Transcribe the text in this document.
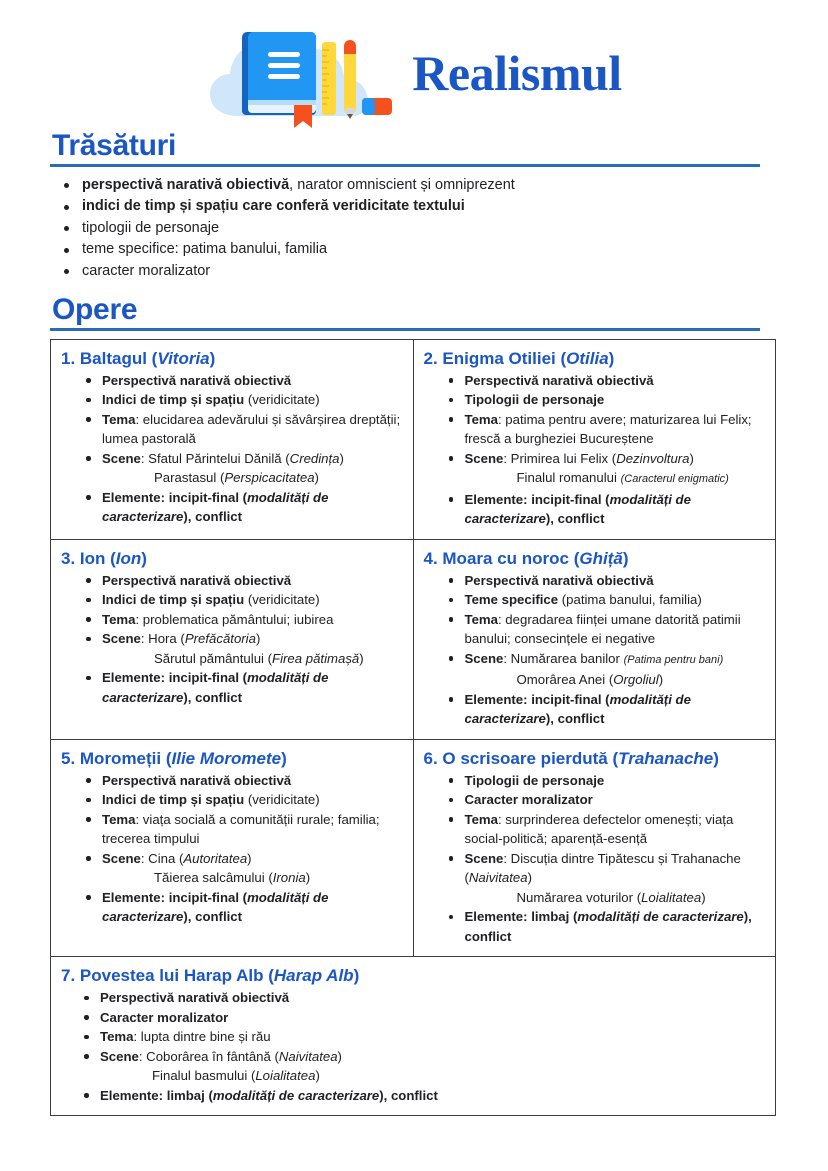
Realismul
Trăsături
perspectivă narativă obiectivă, narator omniscient și omniprezent
indici de timp și spațiu care conferă veridicitate textului
tipologii de personaje
teme specifice: patima banului, familia
caracter moralizator
Opere
1. Baltagul (Vitoria)
Perspectivă narativă obiectivă
Indici de timp și spațiu (veridicitate)
Tema: elucidarea adevărului și săvârșirea dreptății; lumea pastorală
Scene: Sfatul Părintelui Dănilă (Credința)
Parastasul (Perspicacitatea)
Elemente: incipit-final (modalități de caracterizare), conflict

2. Enigma Otiliei (Otilia)
Perspectivă narativă obiectivă
Tipologii de personaje
Tema: patima pentru avere; maturizarea lui Felix; frescă a burgheziei Bucureștene
Scene: Primirea lui Felix (Dezinvoltura)
Finalul romanului (Caracterul enigmatic)
Elemente: incipit-final (modalități de caracterizare), conflict

3. Ion (Ion)
Perspectivă narativă obiectivă
Indici de timp și spațiu (veridicitate)
Tema: problematica pământului; iubirea
Scene: Hora (Prefăcătoria)
Sărutul pământului (Firea pătimașă)
Elemente: incipit-final (modalități de caracterizare), conflict

4. Moara cu noroc (Ghiță)
Perspectivă narativă obiectivă
Teme specifice (patima banului, familia)
Tema: degradarea ființei umane datorită patimii banului; consecințele ei negative
Scene: Numărarea banilor (Patima pentru bani)
Omorârea Anei (Orgoliul)
Elemente: incipit-final (modalități de caracterizare), conflict

5. Moromeții (Ilie Moromete)
Perspectivă narativă obiectivă
Indici de timp și spațiu (veridicitate)
Tema: viața socială a comunității rurale; familia; trecerea timpului
Scene: Cina (Autoritatea)
Tăierea salcâmului (Ironia)
Elemente: incipit-final (modalități de caracterizare), conflict

6. O scrisoare pierdută (Trahanache)
Tipologii de personaje
Caracter moralizator
Tema: surprinderea defectelor omenești; viața social-politică; aparență-esență
Scene: Discuția dintre Tipătescu și Trahanache (Naivitatea)
Numărarea voturilor (Loialitatea)
Elemente: limbaj (modalități de caracterizare), conflict

7. Povestea lui Harap Alb (Harap Alb)
Perspectivă narativă obiectivă
Caracter moralizator
Tema: lupta dintre bine și rău
Scene: Coborârea în fântână (Naivitatea)
Finalul basmului (Loialitatea)
Elemente: limbaj (modalități de caracterizare), conflict
